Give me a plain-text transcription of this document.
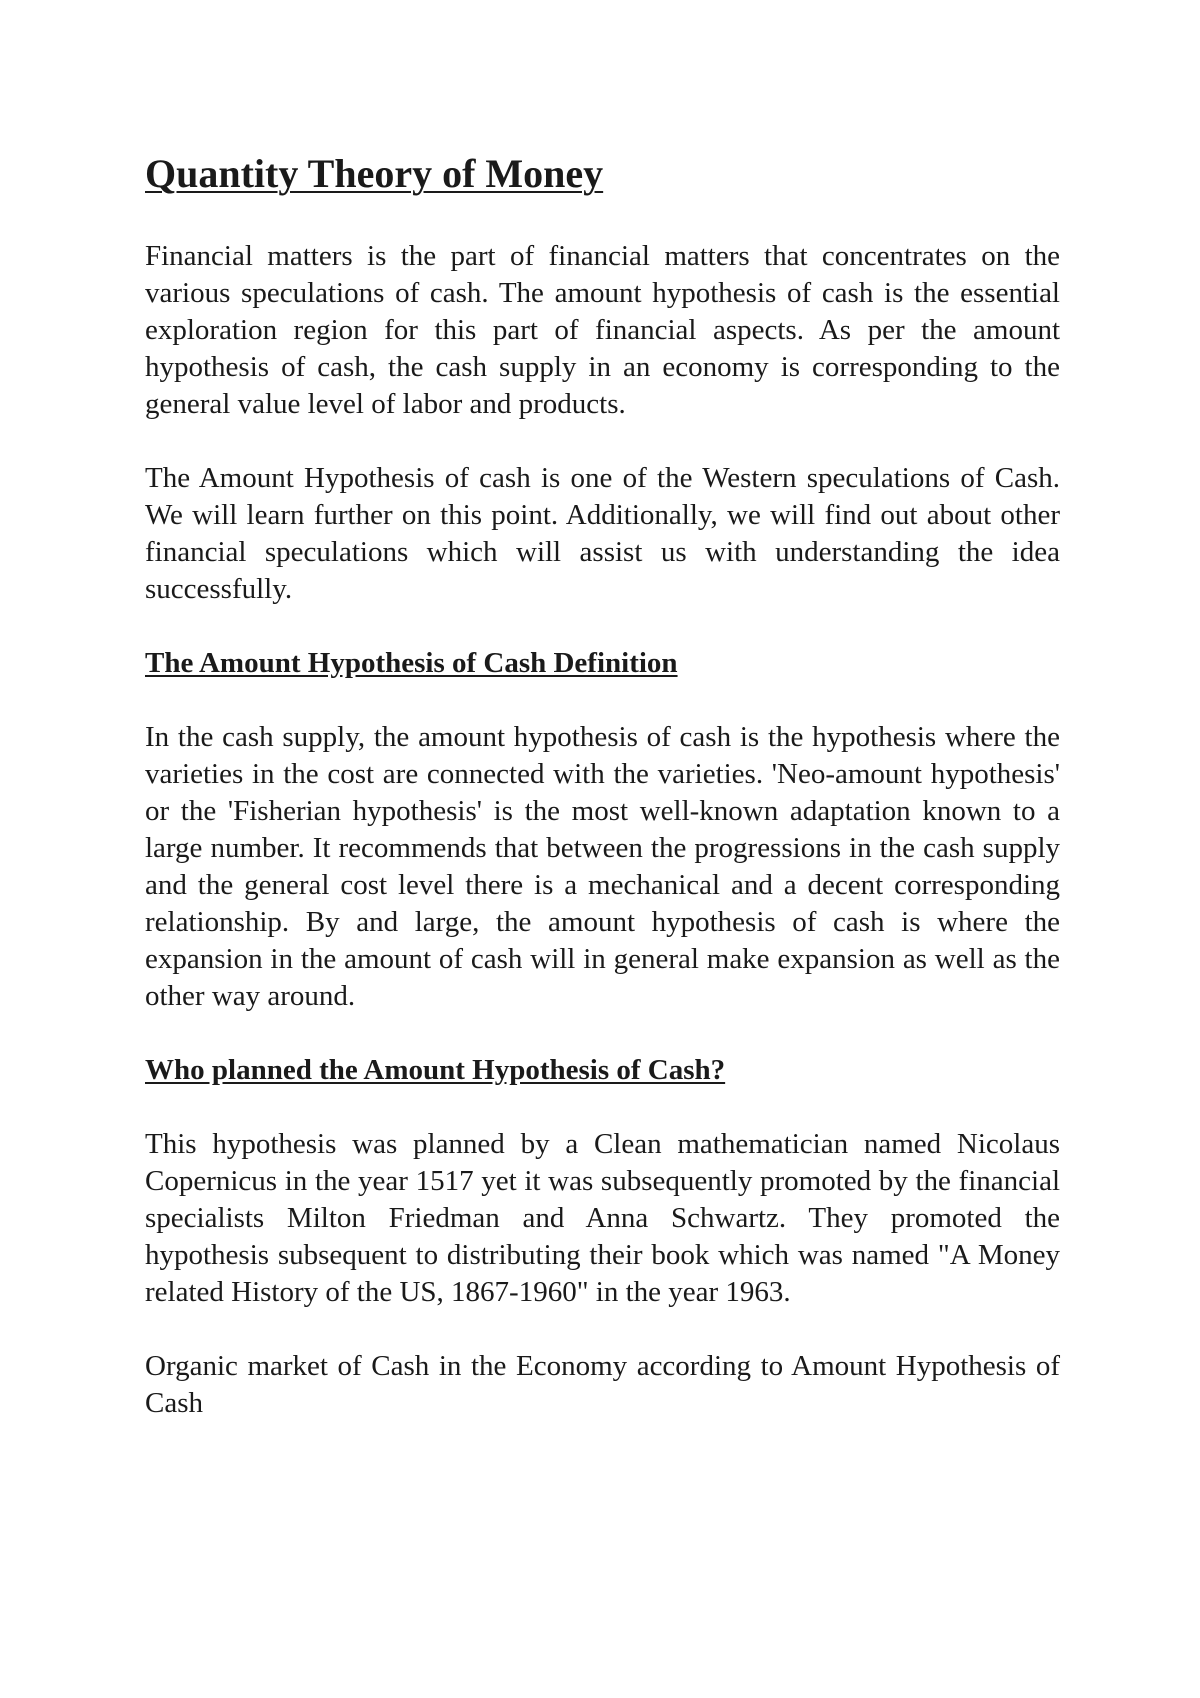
Quantity Theory of Money

Financial matters is the part of financial matters that concentrates on the various speculations of cash. The amount hypothesis of cash is the essential exploration region for this part of financial aspects. As per the amount hypothesis of cash, the cash supply in an economy is corresponding to the general value level of labor and products.

The Amount Hypothesis of cash is one of the Western speculations of Cash. We will learn further on this point. Additionally, we will find out about other financial speculations which will assist us with understanding the idea successfully.

The Amount Hypothesis of Cash Definition

In the cash supply, the amount hypothesis of cash is the hypothesis where the varieties in the cost are connected with the varieties. 'Neo-amount hypothesis' or the 'Fisherian hypothesis' is the most well-known adaptation known to a large number. It recommends that between the progressions in the cash supply and the general cost level there is a mechanical and a decent corresponding relationship. By and large, the amount hypothesis of cash is where the expansion in the amount of cash will in general make expansion as well as the other way around.

Who planned the Amount Hypothesis of Cash?

This hypothesis was planned by a Clean mathematician named Nicolaus Copernicus in the year 1517 yet it was subsequently promoted by the financial specialists Milton Friedman and Anna Schwartz. They promoted the hypothesis subsequent to distributing their book which was named "A Money related History of the US, 1867-1960" in the year 1963.

Organic market of Cash in the Economy according to Amount Hypothesis of Cash
